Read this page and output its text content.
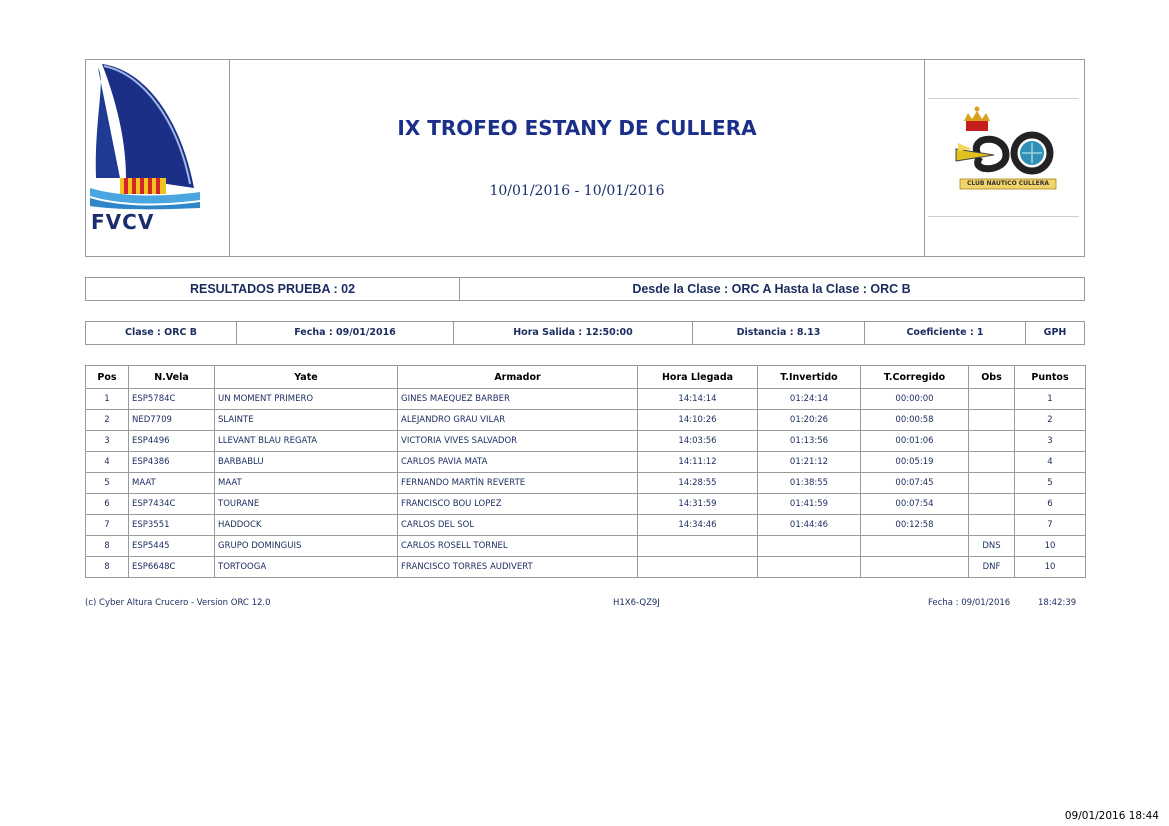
FVCV
IX TROFEO ESTANY DE CULLERA
10/01/2016 - 10/01/2016	CLUB NAUTICO CULLERA
RESULTADOS PRUEBA : 02	Desde la Clase : ORC A Hasta la Clase : ORC B
Clase : ORC B	Fecha : 09/01/2016	Hora Salida : 12:50:00	Distancia : 8.13	Coeficiente : 1	GPH
Pos	N.Vela	Yate	Armador	Hora Llegada	T.Invertido	T.Corregido	Obs	Puntos
1	ESP5784C	UN MOMENT PRIMERO	GINES MAEQUEZ BARBER	14:14:14	01:24:14	00:00:00		1
2	NED7709	SLAINTE	ALEJANDRO GRAU VILAR	14:10:26	01:20:26	00:00:58		2
3	ESP4496	LLEVANT BLAU REGATA	VICTORIA VIVES SALVADOR	14:03:56	01:13:56	00:01:06		3
4	ESP4386	BARBABLU	CARLOS PAVIA MATA	14:11:12	01:21:12	00:05:19		4
5	MAAT	MAAT	FERNANDO MARTÍN REVERTE	14:28:55	01:38:55	00:07:45		5
6	ESP7434C	TOURANE	FRANCISCO BOU LOPEZ	14:31:59	01:41:59	00:07:54		6
7	ESP3551	HADDOCK	CARLOS DEL SOL	14:34:46	01:44:46	00:12:58		7
8	ESP5445	GRUPO DOMINGUIS	CARLOS ROSELL TORNEL				DNS	10
8	ESP6648C	TORTOOGA	FRANCISCO TORRES AUDIVERT				DNF	10
(c) Cyber Altura Crucero - Version ORC 12.0	H1X6-QZ9J	Fecha : 09/01/2016	18:42:39
09/01/2016 18:44
